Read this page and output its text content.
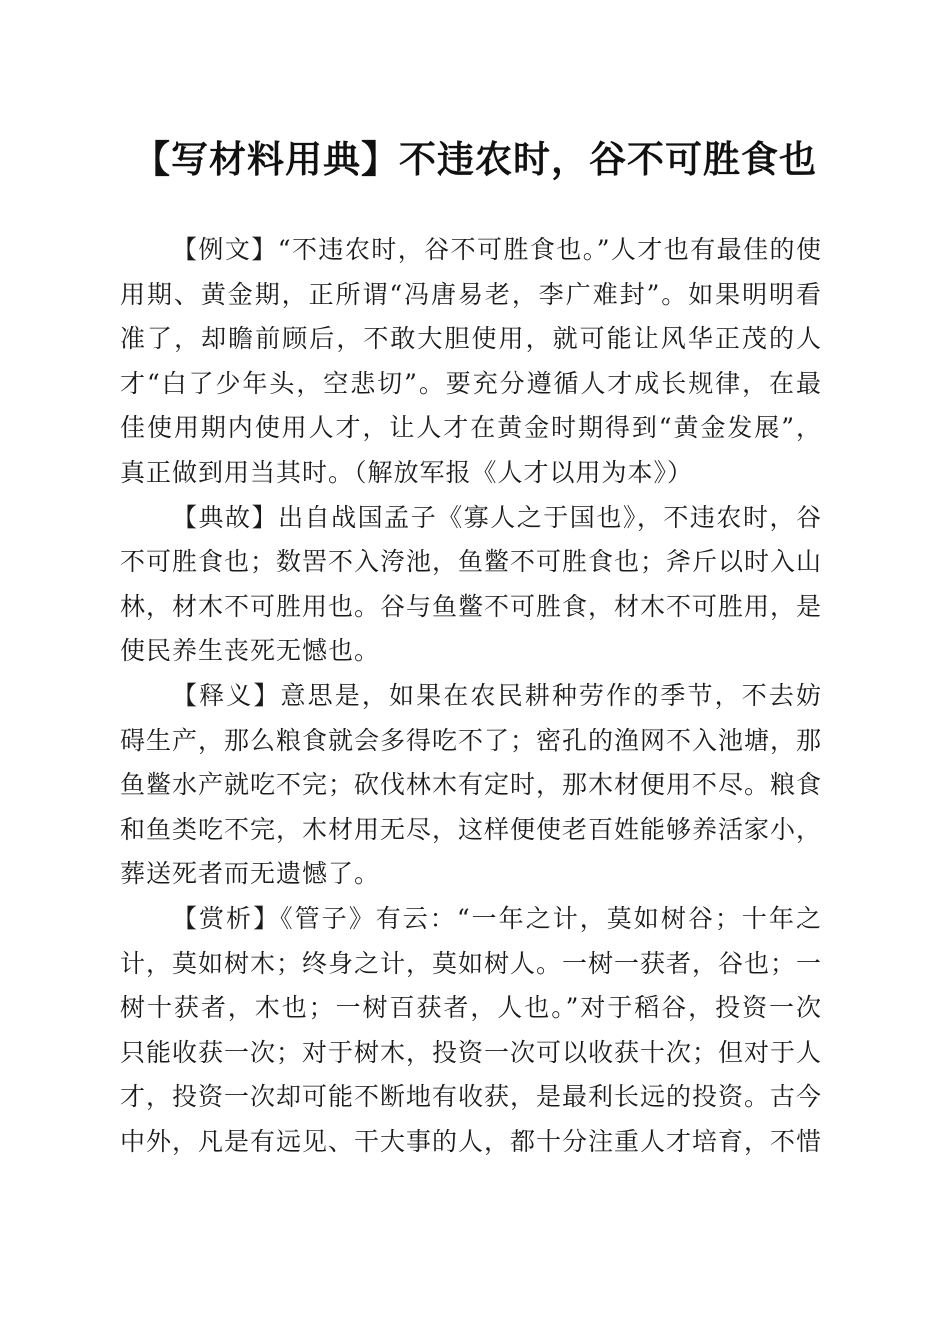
【写材料用典】不违农时，谷不可胜食也

【例文】“不违农时，谷不可胜食也。”人才也有最佳的使用期、黄金期，正所谓“冯唐易老，李广难封”。如果明明看准了，却瞻前顾后，不敢大胆使用，就可能让风华正茂的人才“白了少年头，空悲切”。要充分遵循人才成长规律，在最佳使用期内使用人才，让人才在黄金时期得到“黄金发展”，真正做到用当其时。（解放军报《人才以用为本》）

【典故】出自战国孟子《寡人之于国也》，不违农时，谷不可胜食也；数罟不入洿池，鱼鳖不可胜食也；斧斤以时入山林，材木不可胜用也。谷与鱼鳖不可胜食，材木不可胜用，是使民养生丧死无憾也。

【释义】意思是，如果在农民耕种劳作的季节，不去妨碍生产，那么粮食就会多得吃不了；密孔的渔网不入池塘，那鱼鳖水产就吃不完；砍伐林木有定时，那木材便用不尽。粮食和鱼类吃不完，木材用无尽，这样便使老百姓能够养活家小，葬送死者而无遗憾了。

【赏析】《管子》有云：“一年之计，莫如树谷；十年之计，莫如树木；终身之计，莫如树人。一树一获者，谷也；一树十获者，木也；一树百获者，人也。”对于稻谷，投资一次只能收获一次；对于树木，投资一次可以收获十次；但对于人才，投资一次却可能不断地有收获，是最利长远的投资。古今中外，凡是有远见、干大事的人，都十分注重人才培育，不惜
